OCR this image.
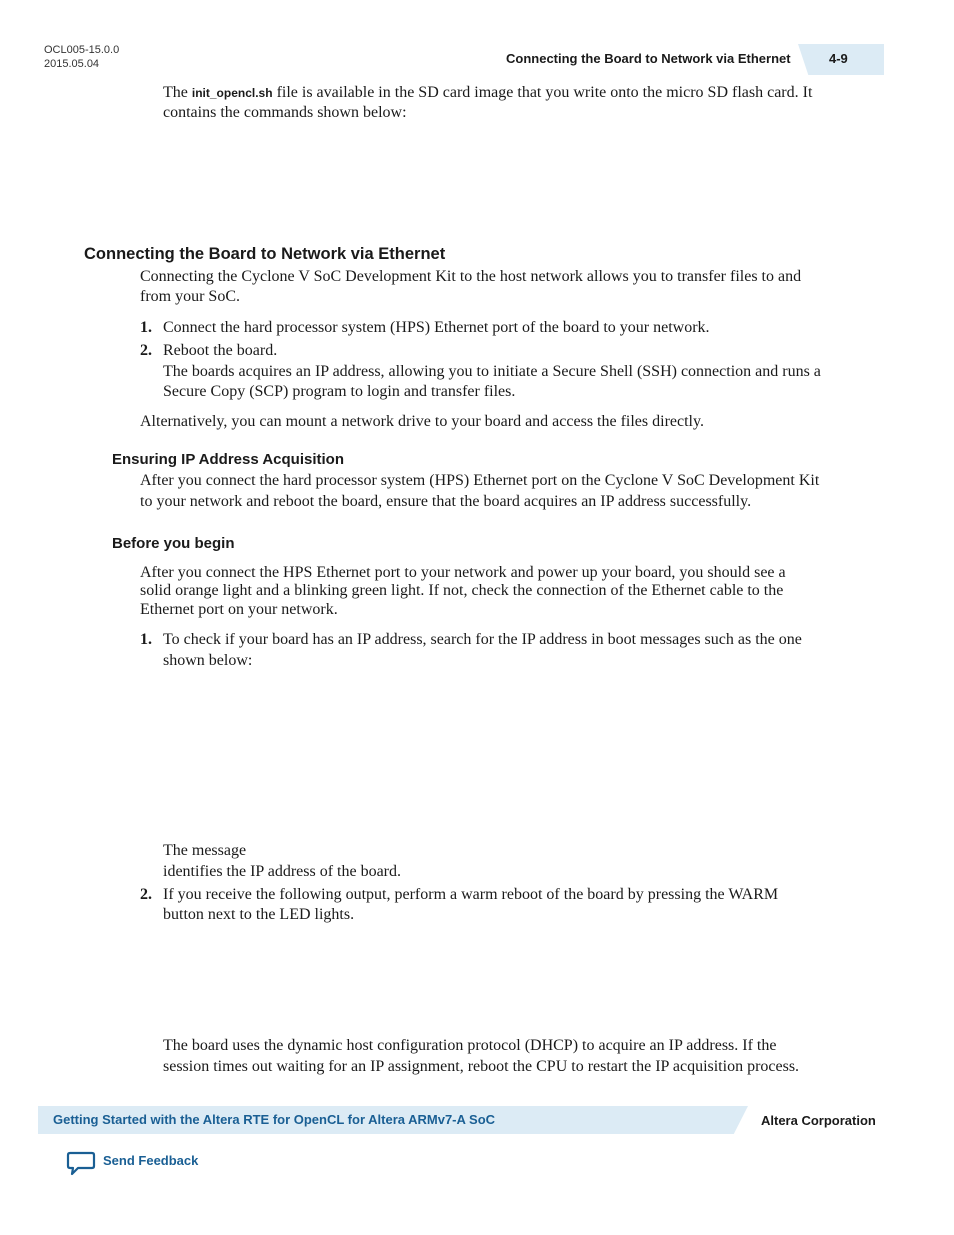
OCL005-15.0.0
2015.05.04	Connecting the Board to Network via Ethernet	4-9
The init_opencl.sh file is available in the SD card image that you write onto the micro SD flash card. It
contains the commands shown below:
Connecting the Board to Network via Ethernet
Connecting the Cyclone V SoC Development Kit to the host network allows you to transfer files to and
from your SoC.
1. Connect the hard processor system (HPS) Ethernet port of the board to your network.
2. Reboot the board.
The boards acquires an IP address, allowing you to initiate a Secure Shell (SSH) connection and runs a
Secure Copy (SCP) program to login and transfer files.
Alternatively, you can mount a network drive to your board and access the files directly.
Ensuring IP Address Acquisition
After you connect the hard processor system (HPS) Ethernet port on the Cyclone V SoC Development Kit
to your network and reboot the board, ensure that the board acquires an IP address successfully.
Before you begin
After you connect the HPS Ethernet port to your network and power up your board, you should see a
solid orange light and a blinking green light. If not, check the connection of the Ethernet cable to the
Ethernet port on your network.
1. To check if your board has an IP address, search for the IP address in boot messages such as the one
shown below:
The message
identifies the IP address of the board.
2. If you receive the following output, perform a warm reboot of the board by pressing the WARM
button next to the LED lights.
The board uses the dynamic host configuration protocol (DHCP) to acquire an IP address. If the
session times out waiting for an IP assignment, reboot the CPU to restart the IP acquisition process.
Getting Started with the Altera RTE for OpenCL for Altera ARMv7-A SoC	Altera Corporation
Send Feedback
